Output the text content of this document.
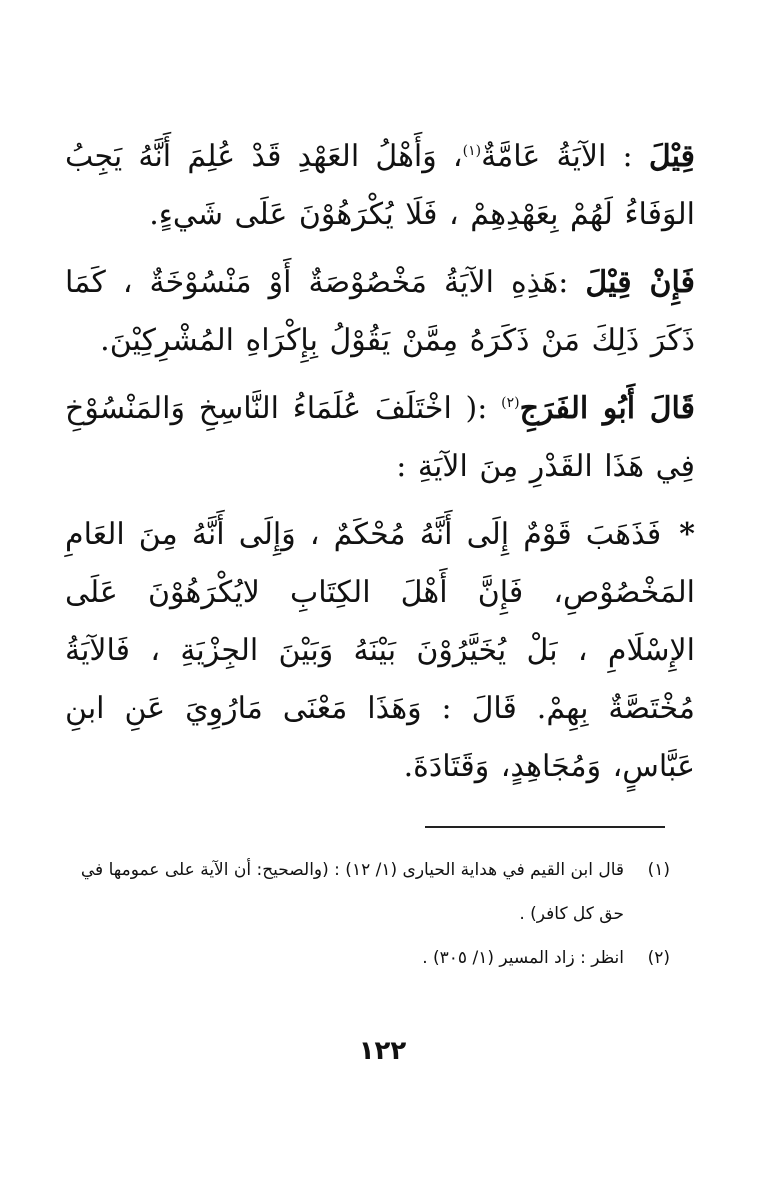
قِيْلَ : الآيَةُ عَامَّةٌ$^{(١)}$، وَأَهْلُ العَهْدِ قَدْ عُلِمَ أَنَّهُ يَجِبُ الوَفَاءُ لَهُمْ بِعَهْدِهِمْ ، فَلَا يُكْرَهُوْنَ عَلَى شَيءٍ.

فَإِنْ قِيْلَ :هَذِهِ الآيَةُ مَخْصُوْصَةٌ أَوْ مَنْسُوْخَةٌ ، كَمَا ذَكَرَ ذَلِكَ مَنْ ذَكَرَهُ مِمَّنْ يَقُوْلُ بِإِكْرَاهِ المُشْرِكِيْنَ.

قَالَ أَبُو الفَرَجِ$^{(٢)}$ :( اخْتَلَفَ عُلَمَاءُ النَّاسِخِ وَالمَنْسُوْخِ فِي هَذَا القَدْرِ مِنَ الآيَةِ :

* فَذَهَبَ قَوْمٌ إِلَى أَنَّهُ مُحْكَمٌ ، وَإِلَى أَنَّهُ مِنَ العَامِ المَخْصُوْصِ، فَإِنَّ أَهْلَ الكِتَابِ لايُكْرَهُوْنَ عَلَى الإِسْلَامِ ، بَلْ يُخَيَّرُوْنَ بَيْنَهُ وَبَيْنَ الجِزْيَةِ ، فَالآيَةُ مُخْتَصَّةٌ بِهِمْ. قَالَ : وَهَذَا مَعْنَى مَارُوِيَ عَنِ ابنِ عَبَّاسٍ، وَمُجَاهِدٍ، وَقَتَادَةَ.

(١)
قال ابن القيم في هداية الحيارى (١/ ١٢) : (والصحيح: أن الآية على عمومها في حق كل كافر) .
(٢)
انظر : زاد المسير (١/ ٣٠٥) .
١٢٢
